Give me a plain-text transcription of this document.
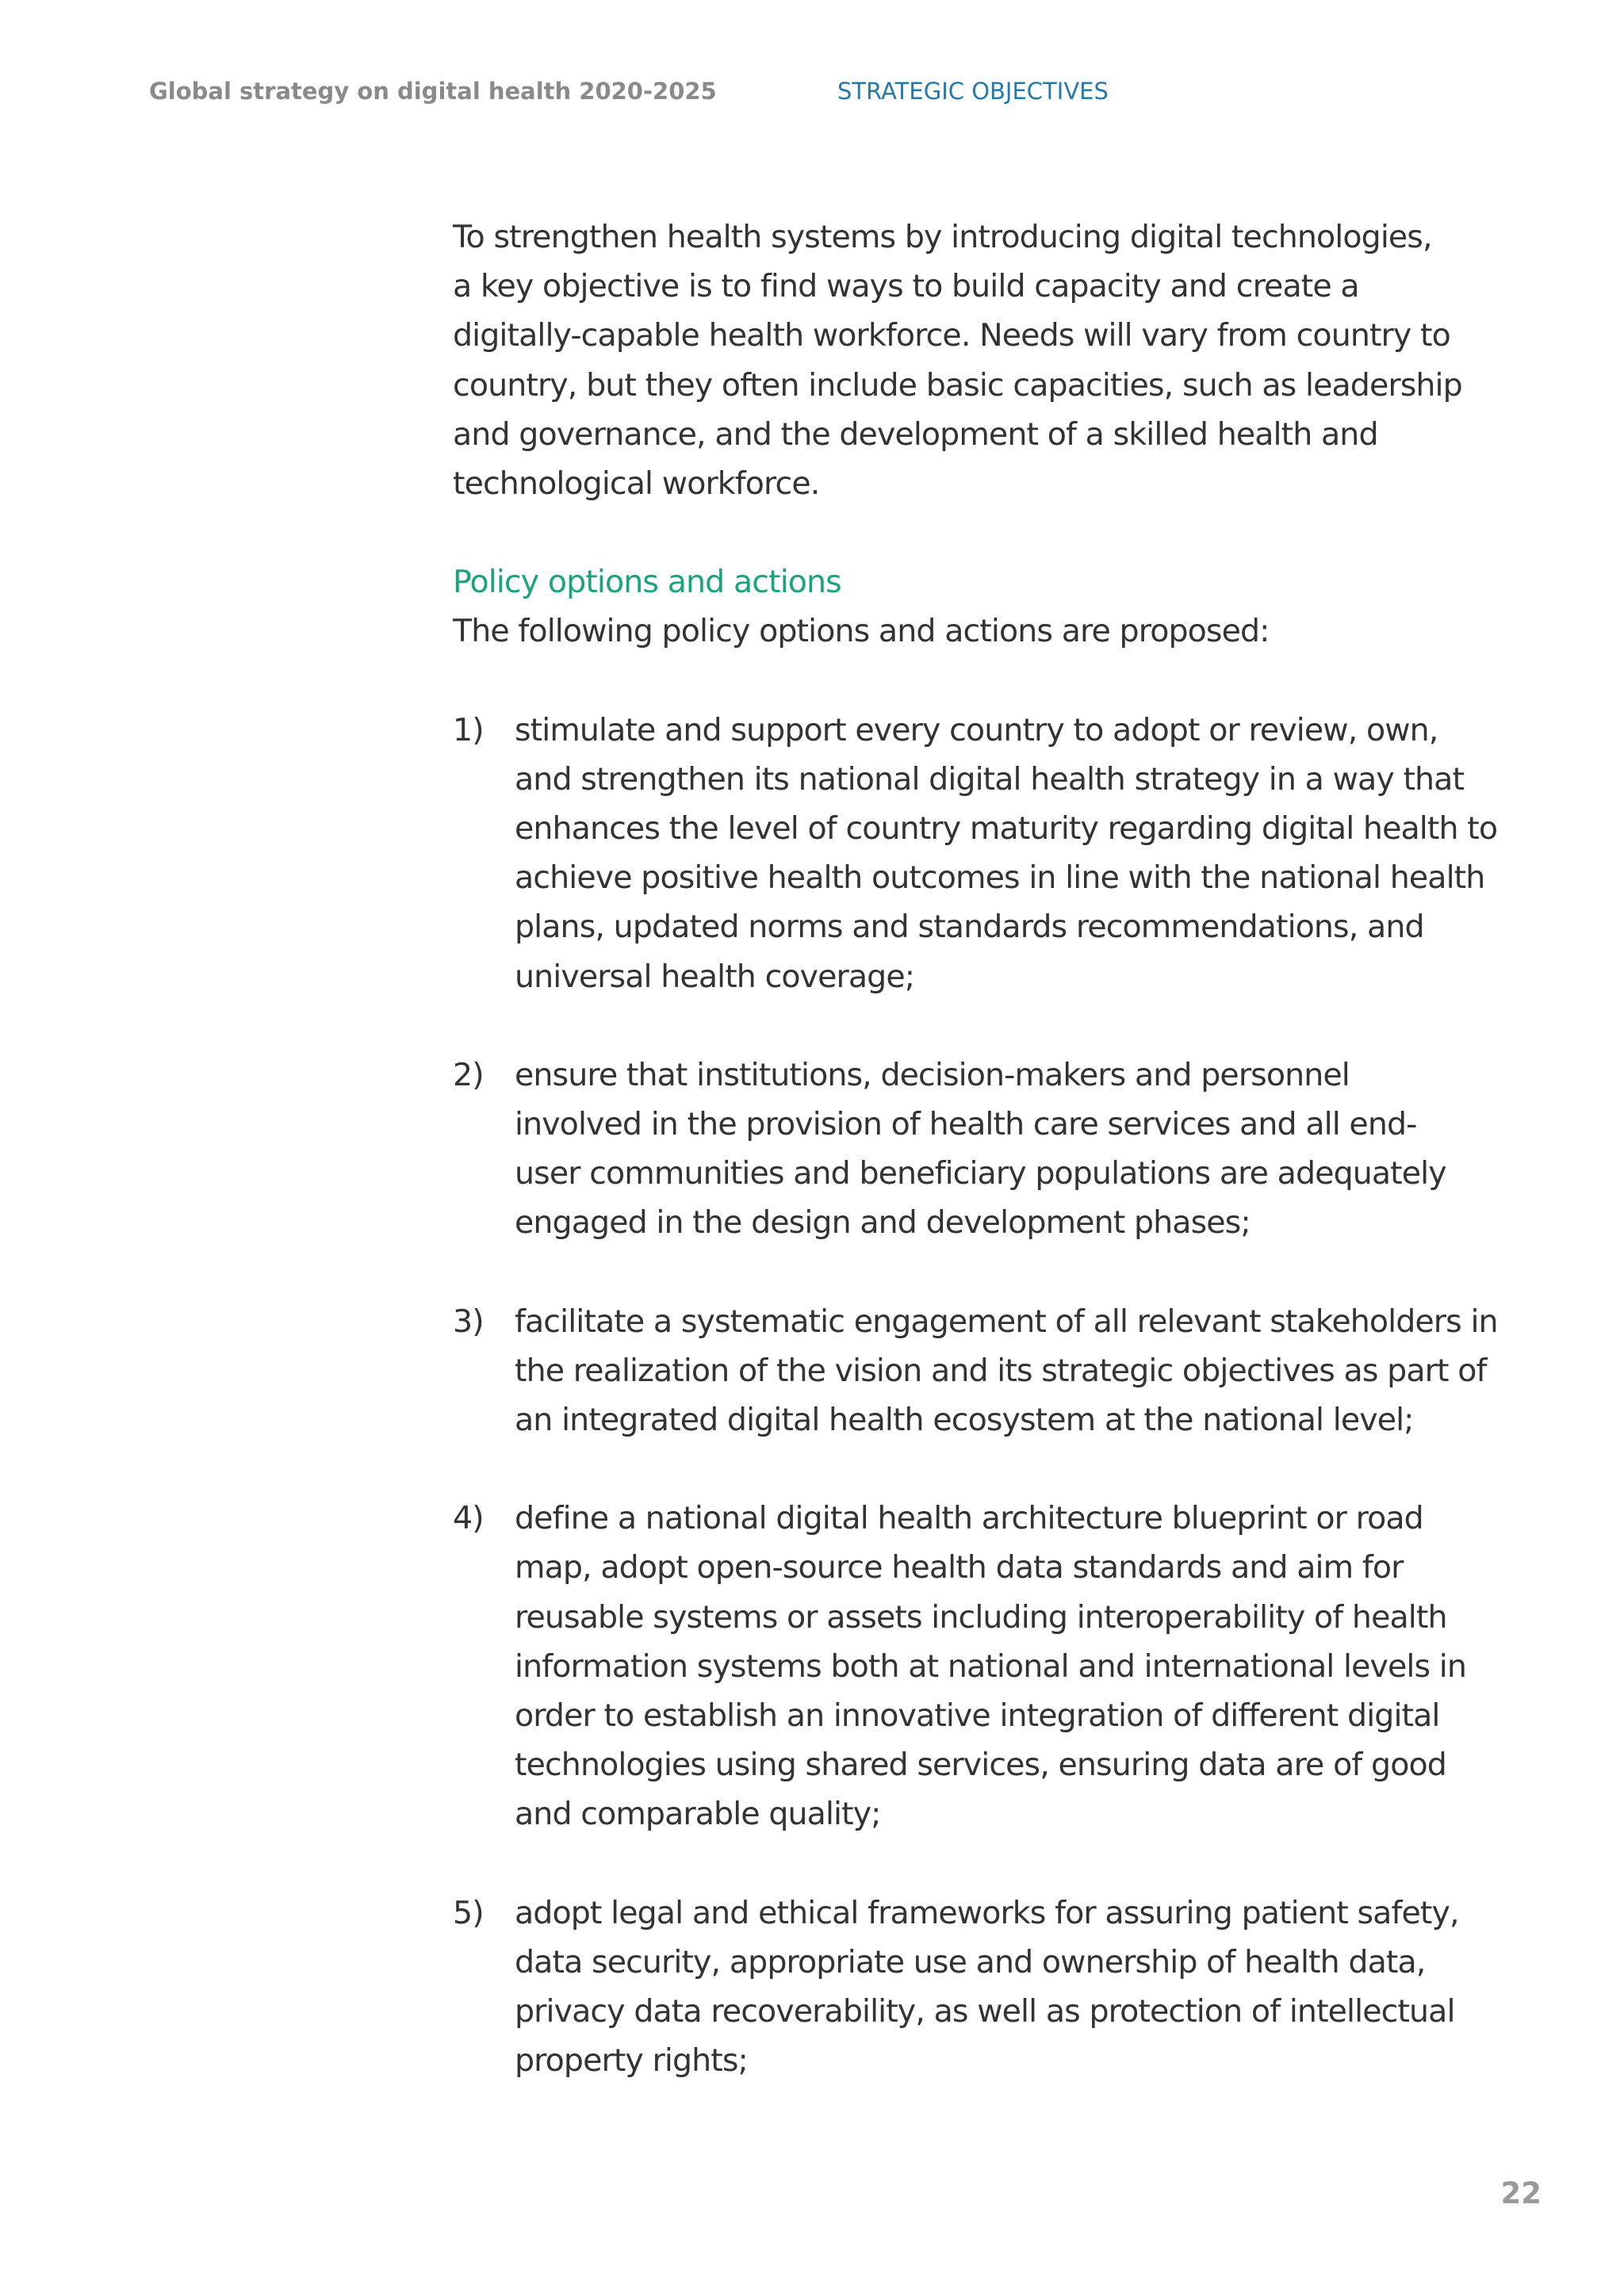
Global strategy on digital health 2020-2025	STRATEGIC OBJECTIVES

To strengthen health systems by introducing digital technologies,
a key objective is to find ways to build capacity and create a
digitally-capable health workforce. Needs will vary from country to
country, but they often include basic capacities, such as leadership
and governance, and the development of a skilled health and
technological workforce.

Policy options and actions

The following policy options and actions are proposed:

1) stimulate and support every country to adopt or review, own,
and strengthen its national digital health strategy in a way that
enhances the level of country maturity regarding digital health to
achieve positive health outcomes in line with the national health
plans, updated norms and standards recommendations, and
universal health coverage;
2) ensure that institutions, decision-makers and personnel
involved in the provision of health care services and all end-
user communities and beneficiary populations are adequately
engaged in the design and development phases;
3) facilitate a systematic engagement of all relevant stakeholders in
the realization of the vision and its strategic objectives as part of
an integrated digital health ecosystem at the national level;
4) define a national digital health architecture blueprint or road
map, adopt open-source health data standards and aim for
reusable systems or assets including interoperability of health
information systems both at national and international levels in
order to establish an innovative integration of different digital
technologies using shared services, ensuring data are of good
and comparable quality;
5) adopt legal and ethical frameworks for assuring patient safety,
data security, appropriate use and ownership of health data,
privacy data recoverability, as well as protection of intellectual
property rights;
22
